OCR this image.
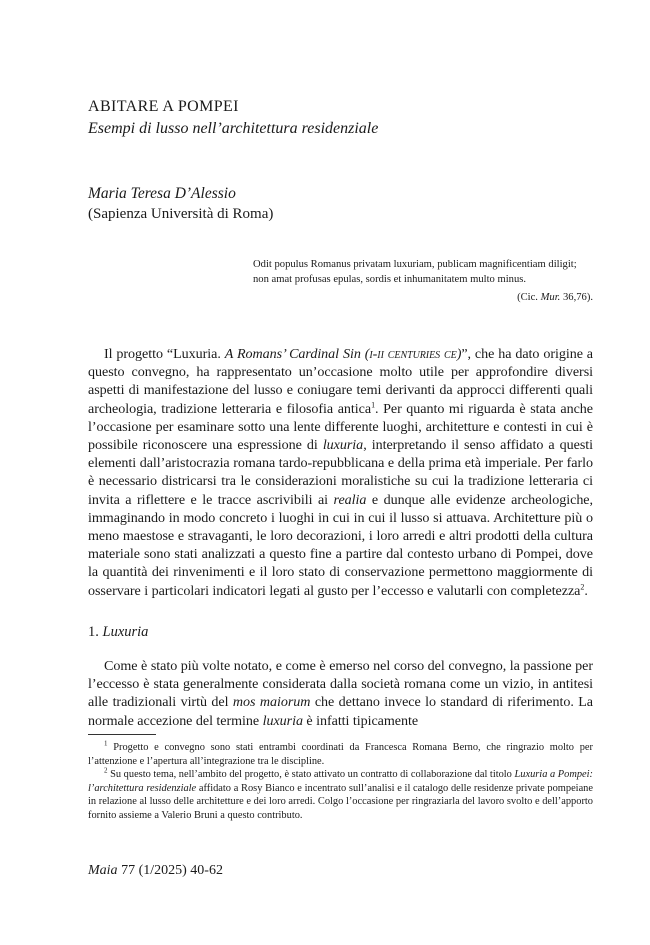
ABITARE A POMPEI
Esempi di lusso nell’architettura residenziale
Maria Teresa D’Alessio
(Sapienza Università di Roma)
Odit populus Romanus privatam luxuriam, publicam magnificentiam diligit;
non amat profusas epulas, sordis et inhumanitatem multo minus.
(Cic. Mur. 36,76).

Il progetto “Luxuria. A Romans’ Cardinal Sin (i-ii centuries ce)”, che ha dato origine a questo convegno, ha rappresentato un’occasione molto utile per approfondire diversi aspetti di manifestazione del lusso e coniugare temi derivanti da approcci differenti quali archeologia, tradizione letteraria e filosofia antica$^1$. Per quanto mi riguarda è stata anche l’occasione per esaminare sotto una lente differente luoghi, architetture e contesti in cui è possibile riconoscere una espressione di luxuria, interpretando il senso affidato a questi elementi dall’aristocrazia romana tardo-repubblicana e della prima età imperiale. Per farlo è necessario districarsi tra le considerazioni moralistiche su cui la tradizione letteraria ci invita a riflettere e le tracce ascrivibili ai realia e dunque alle evidenze archeologiche, immaginando in modo concreto i luoghi in cui in cui il lusso si attuava. Architetture più o meno maestose e stravaganti, le loro decorazioni, i loro arredi e altri prodotti della cultura materiale sono stati analizzati a questo fine a partire dal contesto urbano di Pompei, dove la quantità dei rinvenimenti e il loro stato di conservazione permettono maggiormente di osservare i particolari indicatori legati al gusto per l’eccesso e valutarli con completezza$^2$.

1. Luxuria

Come è stato più volte notato, e come è emerso nel corso del convegno, la passione per l’eccesso è stata generalmente considerata dalla società romana come un vizio, in antitesi alle tradizionali virtù del mos maiorum che dettano invece lo standard di riferimento. La normale accezione del termine luxuria è infatti tipicamente

$^1$ Progetto e convegno sono stati entrambi coordinati da Francesca Romana Berno, che ringrazio molto per l’attenzione e l’apertura all’integrazione tra le discipline.

$^2$ Su questo tema, nell’ambito del progetto, è stato attivato un contratto di collaborazione dal titolo Luxuria a Pompei: l’architettura residenziale affidato a Rosy Bianco e incentrato sull’analisi e il catalogo delle residenze private pompeiane in relazione al lusso delle architetture e dei loro arredi. Colgo l’occasione per ringraziarla del lavoro svolto e dell’apporto fornito assieme a Valerio Bruni a questo contributo.

Maia 77 (1/2025) 40-62
